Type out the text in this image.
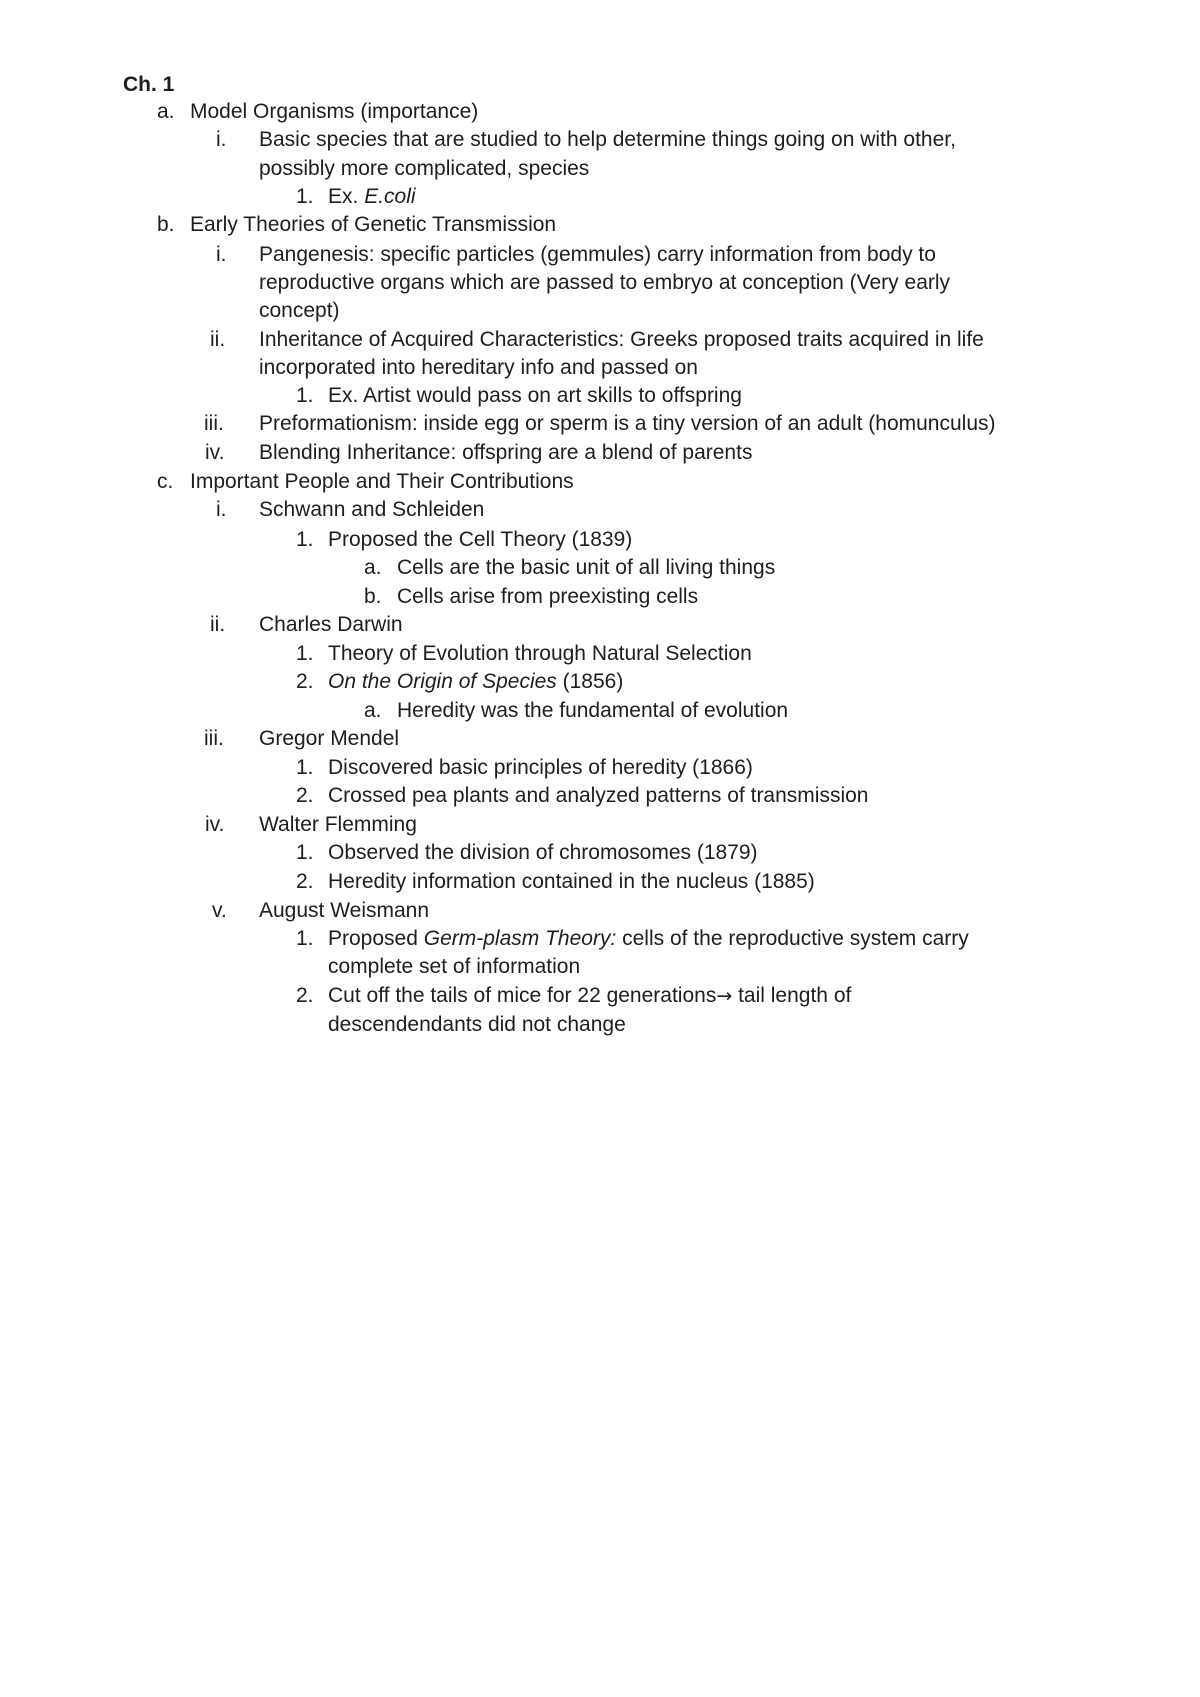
Ch. 1
a. Model Organisms (importance)
i. Basic species that are studied to help determine things going on with other,
possibly more complicated, species
1. Ex. E.coli
b. Early Theories of Genetic Transmission
i. Pangenesis: specific particles (gemmules) carry information from body to
reproductive organs which are passed to embryo at conception (Very early
concept)
ii. Inheritance of Acquired Characteristics: Greeks proposed traits acquired in life
incorporated into hereditary info and passed on
1. Ex. Artist would pass on art skills to offspring
iii. Preformationism: inside egg or sperm is a tiny version of an adult (homunculus)
iv. Blending Inheritance: offspring are a blend of parents
c. Important People and Their Contributions
i. Schwann and Schleiden
1. Proposed the Cell Theory (1839)
a. Cells are the basic unit of all living things
b. Cells arise from preexisting cells
ii. Charles Darwin
1. Theory of Evolution through Natural Selection
2. On the Origin of Species (1856)
a. Heredity was the fundamental of evolution
iii. Gregor Mendel
1. Discovered basic principles of heredity (1866)
2. Crossed pea plants and analyzed patterns of transmission
iv. Walter Flemming
1. Observed the division of chromosomes (1879)
2. Heredity information contained in the nucleus (1885)
v. August Weismann
1. Proposed Germ-plasm Theory: cells of the reproductive system carry
complete set of information
2. Cut off the tails of mice for 22 generations→ tail length of
descendendants did not change
